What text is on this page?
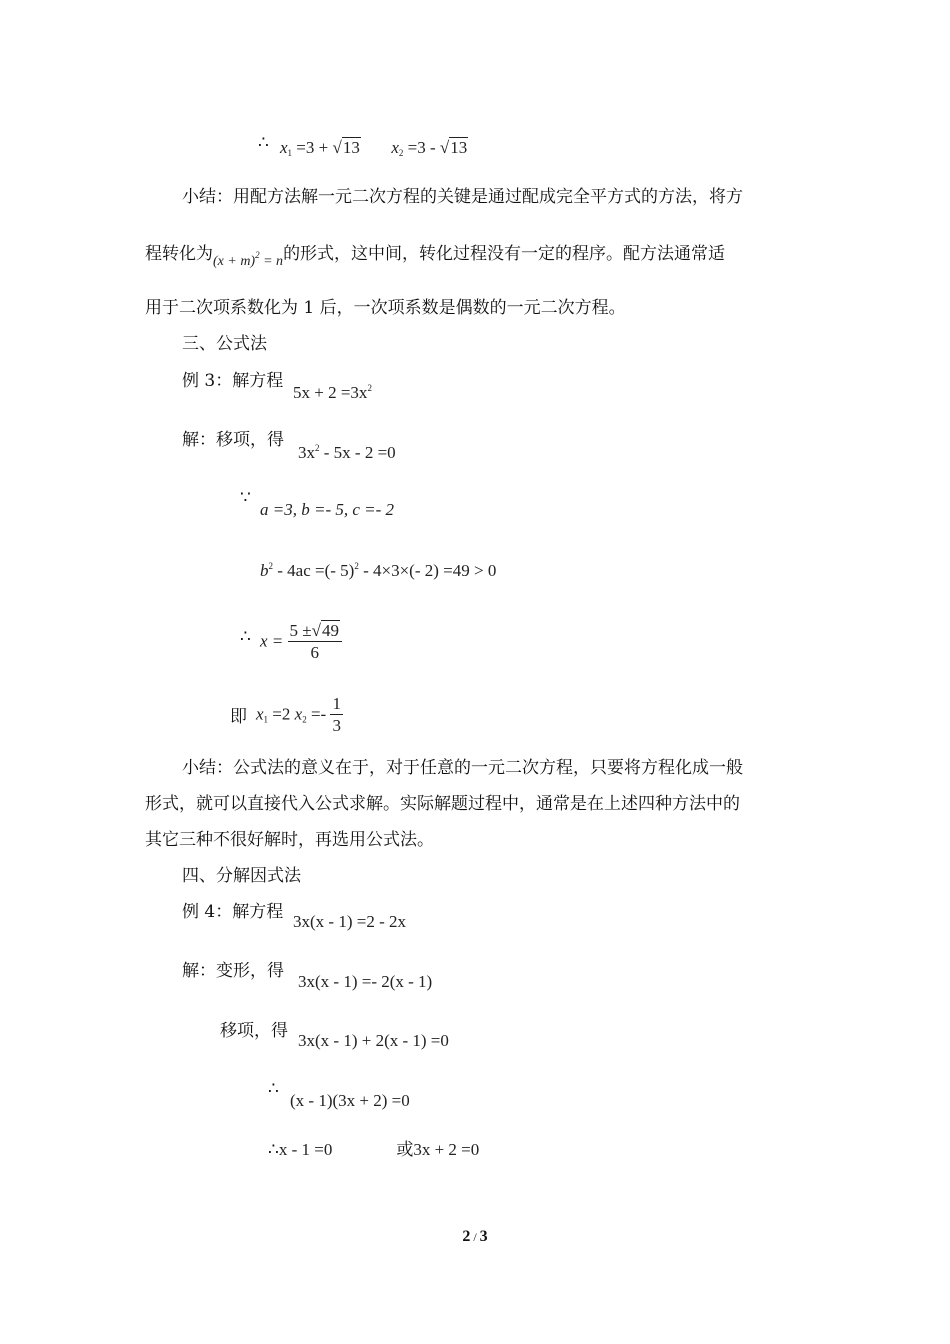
∴ $x_1 =3 + √13$ $x_2 =3 - √13$
小结：用配方法解一元二次方程的关键是通过配成完全平方式的方法，将方
程转化为$_{(x + m)^2 = n}$的形式，这中间，转化过程没有一定的程序。配方法通常适
用于二次项系数化为 1 后，一次项系数是偶数的一元二次方程。
三、公式法
例 3：解方程
$5x + 2 =3x^2$
解：移项，得
$3x^2 - 5x - 2 =0$
∵
a =3, b =- 5, c =- 2
$b^2 - 4ac$ =(- 5)$^2$ - 4×3×(- 2) =49 > 0
∴ $x = \frac{5 \pm√49}{6}$
即 $x_1 =2$ $x_2 =- \frac{1}{3}$
小结：公式法的意义在于，对于任意的一元二次方程，只要将方程化成一般
形式，就可以直接代入公式求解。实际解题过程中，通常是在上述四种方法中的
其它三种不很好解时，再选用公式法。
四、分解因式法
例 4：解方程 3x(x - 1) =2 - 2x
解：变形，得
3x(x - 1) =- 2(x - 1)
移项，得 3x(x - 1) + 2(x - 1) =0
∴
(x - 1)(3x + 2) =0
∴x - 1 =0	或3x + 2 =0
2 / 3
